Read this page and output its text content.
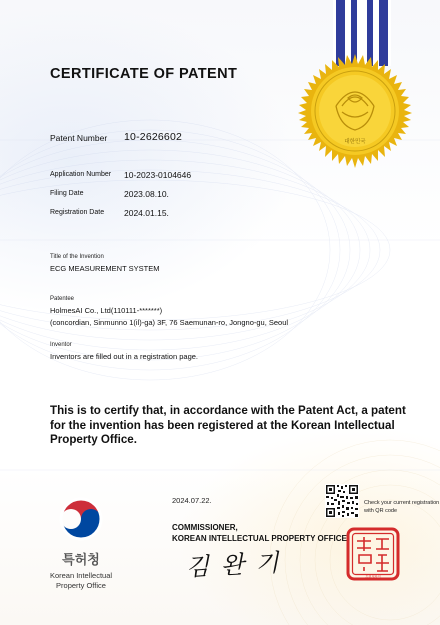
대한민국
CERTIFICATE OF PATENT
Patent Number 10-2626602
Application Number 10-2023-0104646
Filing Date	2023.08.10.
Registration Date 2024.01.15.
Title of the Invention
ECG MEASUREMENT SYSTEM
Patentee
HolmesAI Co., Ltd(110111-*******)
(concordian, Sinmunno 1(il)-ga) 3F, 76 Saemunan-ro, Jongno-gu, Seoul
Inventor
Inventors are filled out in a registration page.

This is to certify that, in accordance with the Patent Act, a patent for the invention has been registered at the Korean Intellectual Property Office.

특허청
Korean Intellectual
Property Office
2024.07.22.	Check your current registration with QR code

COMMISSIONER,
KOREAN INTELLECTUAL PROPERTY OFFICE

김 완 기	특허청장인
